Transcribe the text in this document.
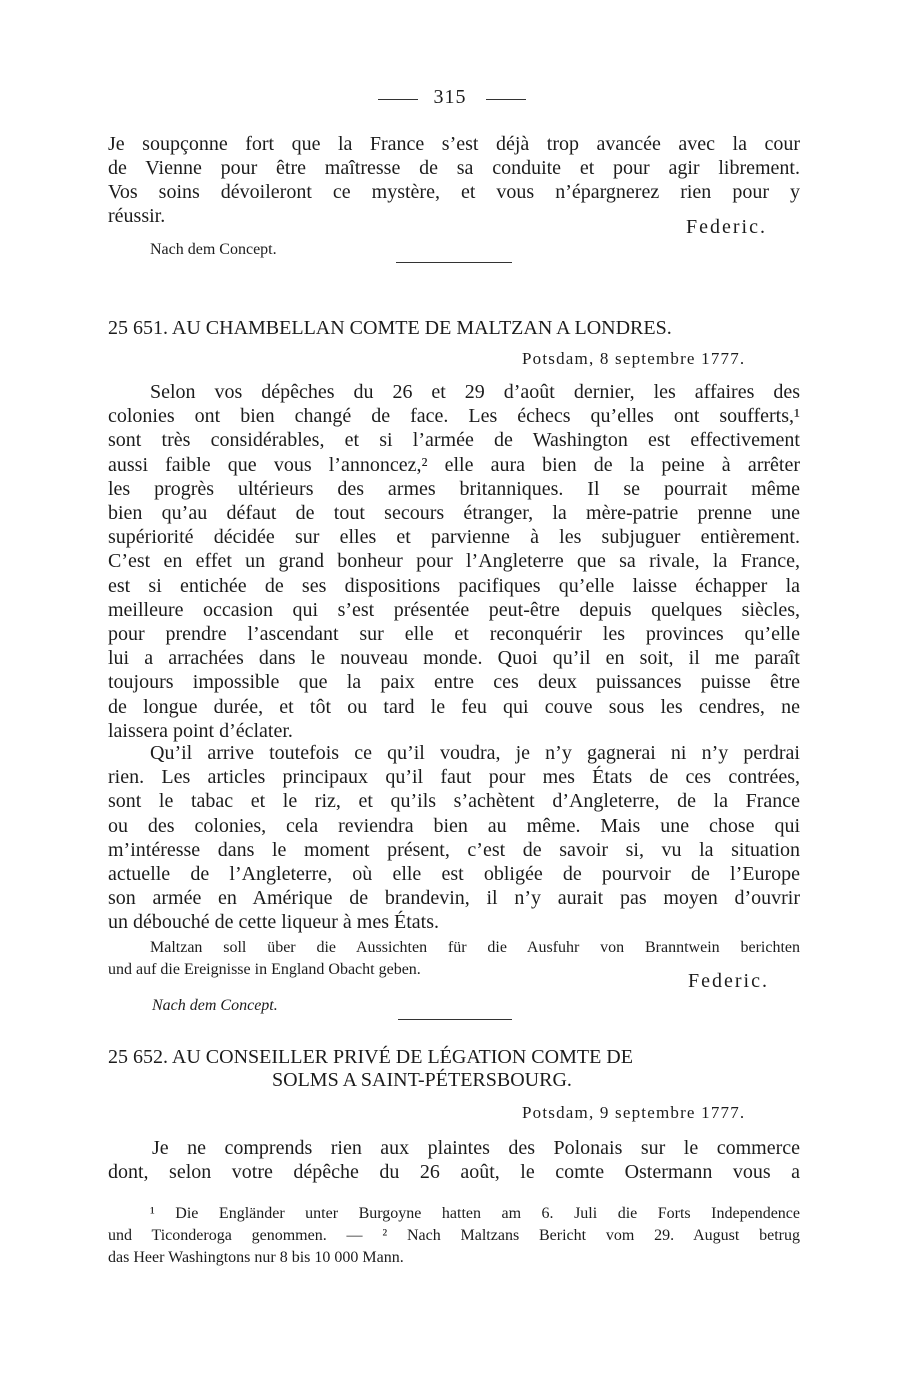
315
Je soupçonne fort que la France s’est déjà trop avancée avec la cour
de Vienne pour être maîtresse de sa conduite et pour agir librement.
Vos soins dévoileront ce mystère, et vous n’épargnerez rien pour y
réussir.	Federic.
Nach dem Concept.
25 651. AU CHAMBELLAN COMTE DE MALTZAN A LONDRES.
Potsdam, 8 septembre 1777.
Selon vos dépêches du 26 et 29 d’août dernier, les affaires des
colonies ont bien changé de face. Les échecs qu’elles ont soufferts,¹
sont très considérables, et si l’armée de Washington est effectivement
aussi faible que vous l’annoncez,² elle aura bien de la peine à arrêter
les progrès ultérieurs des armes britanniques. Il se pourrait même
bien qu’au défaut de tout secours étranger, la mère-patrie prenne une
supériorité décidée sur elles et parvienne à les subjuguer entièrement.
C’est en effet un grand bonheur pour l’Angleterre que sa rivale, la France,
est si entichée de ses dispositions pacifiques qu’elle laisse échapper la
meilleure occasion qui s’est présentée peut-être depuis quelques siècles,
pour prendre l’ascendant sur elle et reconquérir les provinces qu’elle
lui a arrachées dans le nouveau monde. Quoi qu’il en soit, il me paraît
toujours impossible que la paix entre ces deux puissances puisse être
de longue durée, et tôt ou tard le feu qui couve sous les cendres, ne
laissera point d’éclater.
Qu’il arrive toutefois ce qu’il voudra, je n’y gagnerai ni n’y perdrai
rien. Les articles principaux qu’il faut pour mes États de ces contrées,
sont le tabac et le riz, et qu’ils s’achètent d’Angleterre, de la France
ou des colonies, cela reviendra bien au même. Mais une chose qui
m’intéresse dans le moment présent, c’est de savoir si, vu la situation
actuelle de l’Angleterre, où elle est obligée de pourvoir de l’Europe
son armée en Amérique de brandevin, il n’y aurait pas moyen d’ouvrir
un débouché de cette liqueur à mes États.
Maltzan soll über die Aussichten für die Ausfuhr von Branntwein berichten
und auf die Ereignisse in England Obacht geben.
Federic.
Nach dem Concept.
25 652. AU CONSEILLER PRIVÉ DE LÉGATION COMTE DE
SOLMS A SAINT-PÉTERSBOURG.
Potsdam, 9 septembre 1777.
Je ne comprends rien aux plaintes des Polonais sur le commerce
dont, selon votre dépêche du 26 août, le comte Ostermann vous a
¹ Die Engländer unter Burgoyne hatten am 6. Juli die Forts Independence
und Ticonderoga genommen. — ² Nach Maltzans Bericht vom 29. August betrug
das Heer Washingtons nur 8 bis 10 000 Mann.
